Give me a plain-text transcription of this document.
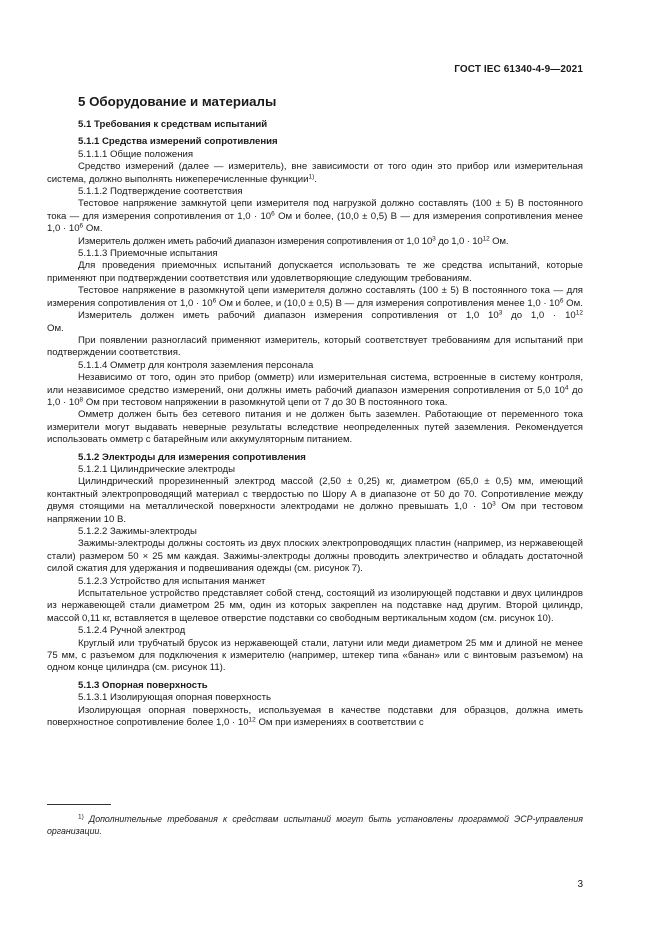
ГОСТ IEC 61340-4-9—2021
5 Оборудование и материалы
5.1 Требования к средствам испытаний
5.1.1 Средства измерений сопротивления
5.1.1.1 Общие положения

Средство измерений (далее — измеритель), вне зависимости от того один это прибор или измерительная система, должно выполнять нижеперечисленные функции$^{1)}$.

5.1.1.2 Подтверждение соответствия

Тестовое напряжение замкнутой цепи измерителя под нагрузкой должно составлять (100 ± 5) В постоянного тока — для измерения сопротивления от $1,0 \cdot 10^6$ Ом и более, (10,0 ± 0,5) В — для измерения сопротивления менее $1,0 \cdot 10^6$ Ом.

Измеритель должен иметь рабочий диапазон измерения сопротивления от 1,0 $10^3$ до $1,0 \cdot 10^{12}$ Ом.

5.1.1.3 Приемочные испытания

Для проведения приемочных испытаний допускается использовать те же средства испытаний, которые применяют при подтверждении соответствия или удовлетворяющие следующим требованиям.

Тестовое напряжение в разомкнутой цепи измерителя должно составлять (100 ± 5) В постоянного тока — для измерения сопротивления от $1,0 \cdot 10^6$ Ом и более, и (10,0 ± 0,5) В — для измерения сопротивления менее $1,0 \cdot 10^6$ Ом.

Измеритель должен иметь рабочий диапазон измерения сопротивления от 1,0 $10^3$ до $1,0 \cdot 10^{12}$ Ом.

При появлении разногласий применяют измеритель, который соответствует требованиям для испытаний при подтверждении соответствия.

5.1.1.4 Омметр для контроля заземления персонала

Независимо от того, один это прибор (омметр) или измерительная система, встроенные в систему контроля, или независимое средство измерений, они должны иметь рабочий диапазон измерения сопротивления от 5,0 $10^4$ до $1,0 \cdot 10^8$ Ом при тестовом напряжении в разомкнутой цепи от 7 до 30 В постоянного тока.

Омметр должен быть без сетевого питания и не должен быть заземлен. Работающие от переменного тока измерители могут выдавать неверные результаты вследствие неопределенных путей заземления. Рекомендуется использовать омметр с батарейным или аккумуляторным питанием.

5.1.2 Электроды для измерения сопротивления
5.1.2.1 Цилиндрические электроды

Цилиндрический прорезиненный электрод массой (2,50 ± 0,25) кг, диаметром (65,0 ± 0,5) мм, имеющий контактный электропроводящий материал с твердостью по Шору А в диапазоне от 50 до 70. Сопротивление между двумя стоящими на металлической поверхности электродами не должно превышать $1,0 \cdot 10^3$ Ом при тестовом напряжении 10 В.

5.1.2.2 Зажимы-электроды

Зажимы-электроды должны состоять из двух плоских электропроводящих пластин (например, из нержавеющей стали) размером 50 × 25 мм каждая. Зажимы-электроды должны проводить электричество и обладать достаточной силой сжатия для удержания и подвешивания одежды (см. рисунок 7).

5.1.2.3 Устройство для испытания манжет

Испытательное устройство представляет собой стенд, состоящий из изолирующей подставки и двух цилиндров из нержавеющей стали диаметром 25 мм, один из которых закреплен на подставке над другим. Второй цилиндр, массой 0,11 кг, вставляется в щелевое отверстие подставки со свободным вертикальным ходом (см. рисунок 10).

5.1.2.4 Ручной электрод

Круглый или трубчатый брусок из нержавеющей стали, латуни или меди диаметром 25 мм и длиной не менее 75 мм, с разъемом для подключения к измерителю (например, штекер типа «банан» или с винтовым разъемом) на одном конце цилиндра (см. рисунок 11).

5.1.3 Опорная поверхность
5.1.3.1 Изолирующая опорная поверхность

Изолирующая опорная поверхность, используемая в качестве подставки для образцов, должна иметь поверхностное сопротивление более $1,0 \cdot 10^{12}$ Ом при измерениях в соответствии с

$^{1)}$ Дополнительные требования к средствам испытаний могут быть установлены программой ЭСР-управления организации.
3
